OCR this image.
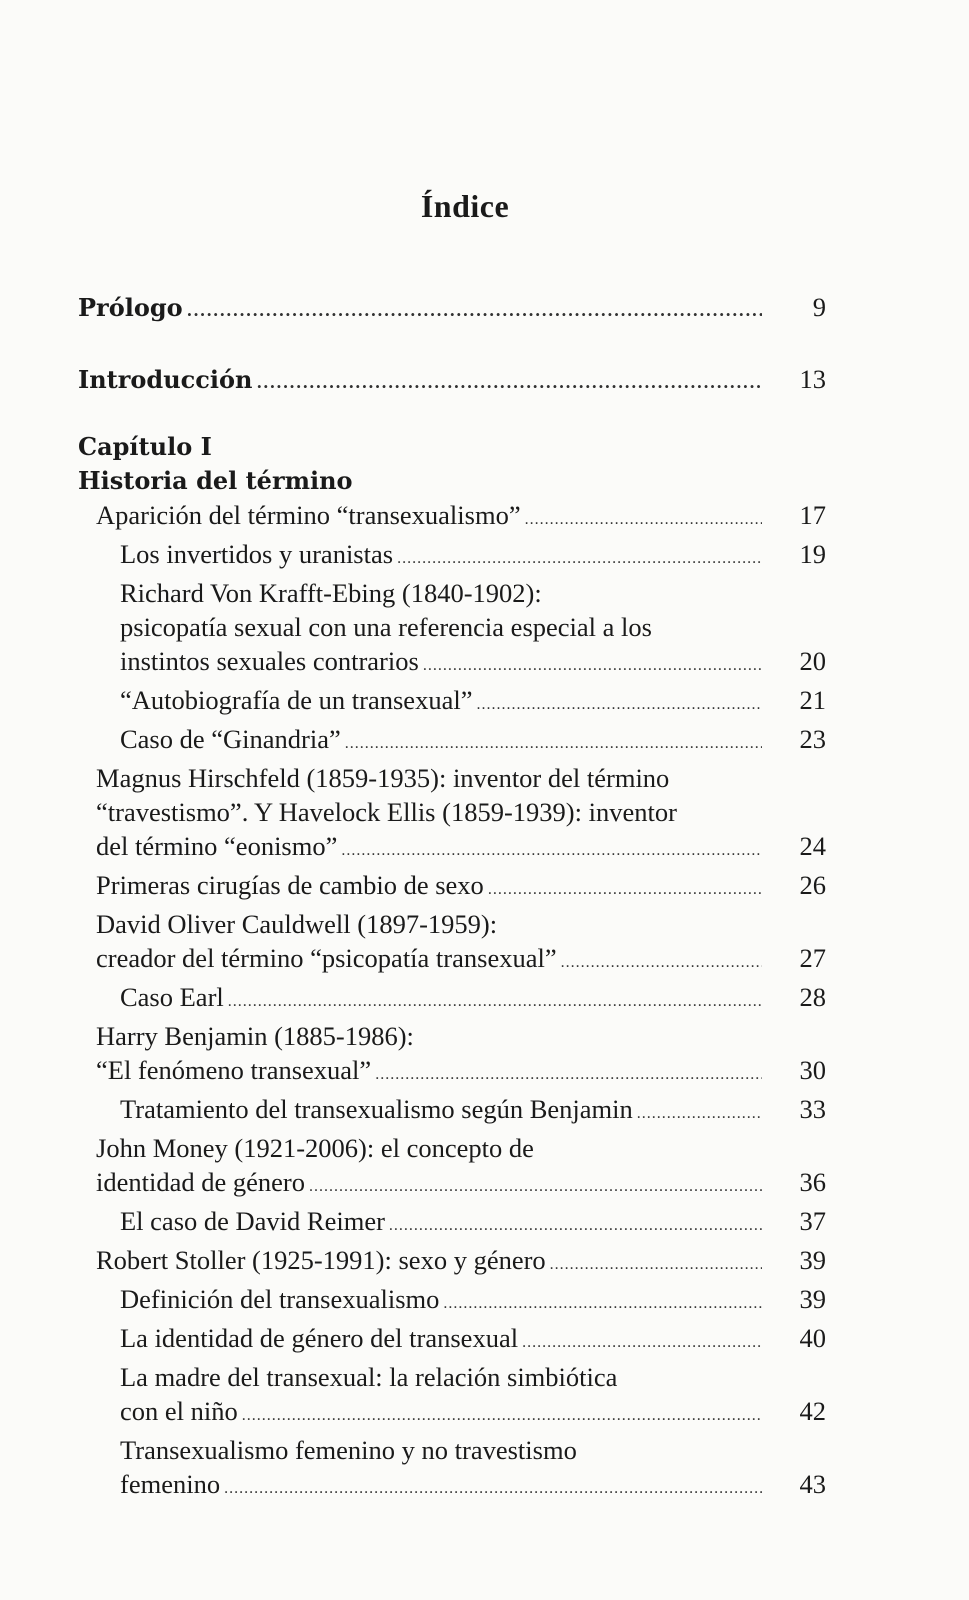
Índice
Prólogo .....	9
Introducción .....	13
Capítulo I
Historia del término
Aparición del término “transexualismo” .....	17
Los invertidos y uranistas .....	19
Richard Von Krafft-Ebing (1840-1902):
psicopatía sexual con una referencia especial a los
instintos sexuales contrarios .....	20
“Autobiografía de un transexual” .....	21
Caso de “Ginandria” .....	23
Magnus Hirschfeld (1859-1935): inventor del término
“travestismo”. Y Havelock Ellis (1859-1939): inventor
del término “eonismo” .....	24
Primeras cirugías de cambio de sexo .....	26
David Oliver Cauldwell (1897-1959):
creador del término “psicopatía transexual” .....	27
Caso Earl .....	28
Harry Benjamin (1885-1986):
“El fenómeno transexual” .....	30
Tratamiento del transexualismo según Benjamin .....	33
John Money (1921-2006): el concepto de
identidad de género .....	36
El caso de David Reimer .....	37
Robert Stoller (1925-1991): sexo y género .....	39
Definición del transexualismo .....	39
La identidad de género del transexual .....	40
La madre del transexual: la relación simbiótica
con el niño .....	42
Transexualismo femenino y no travestismo
femenino .....	43
